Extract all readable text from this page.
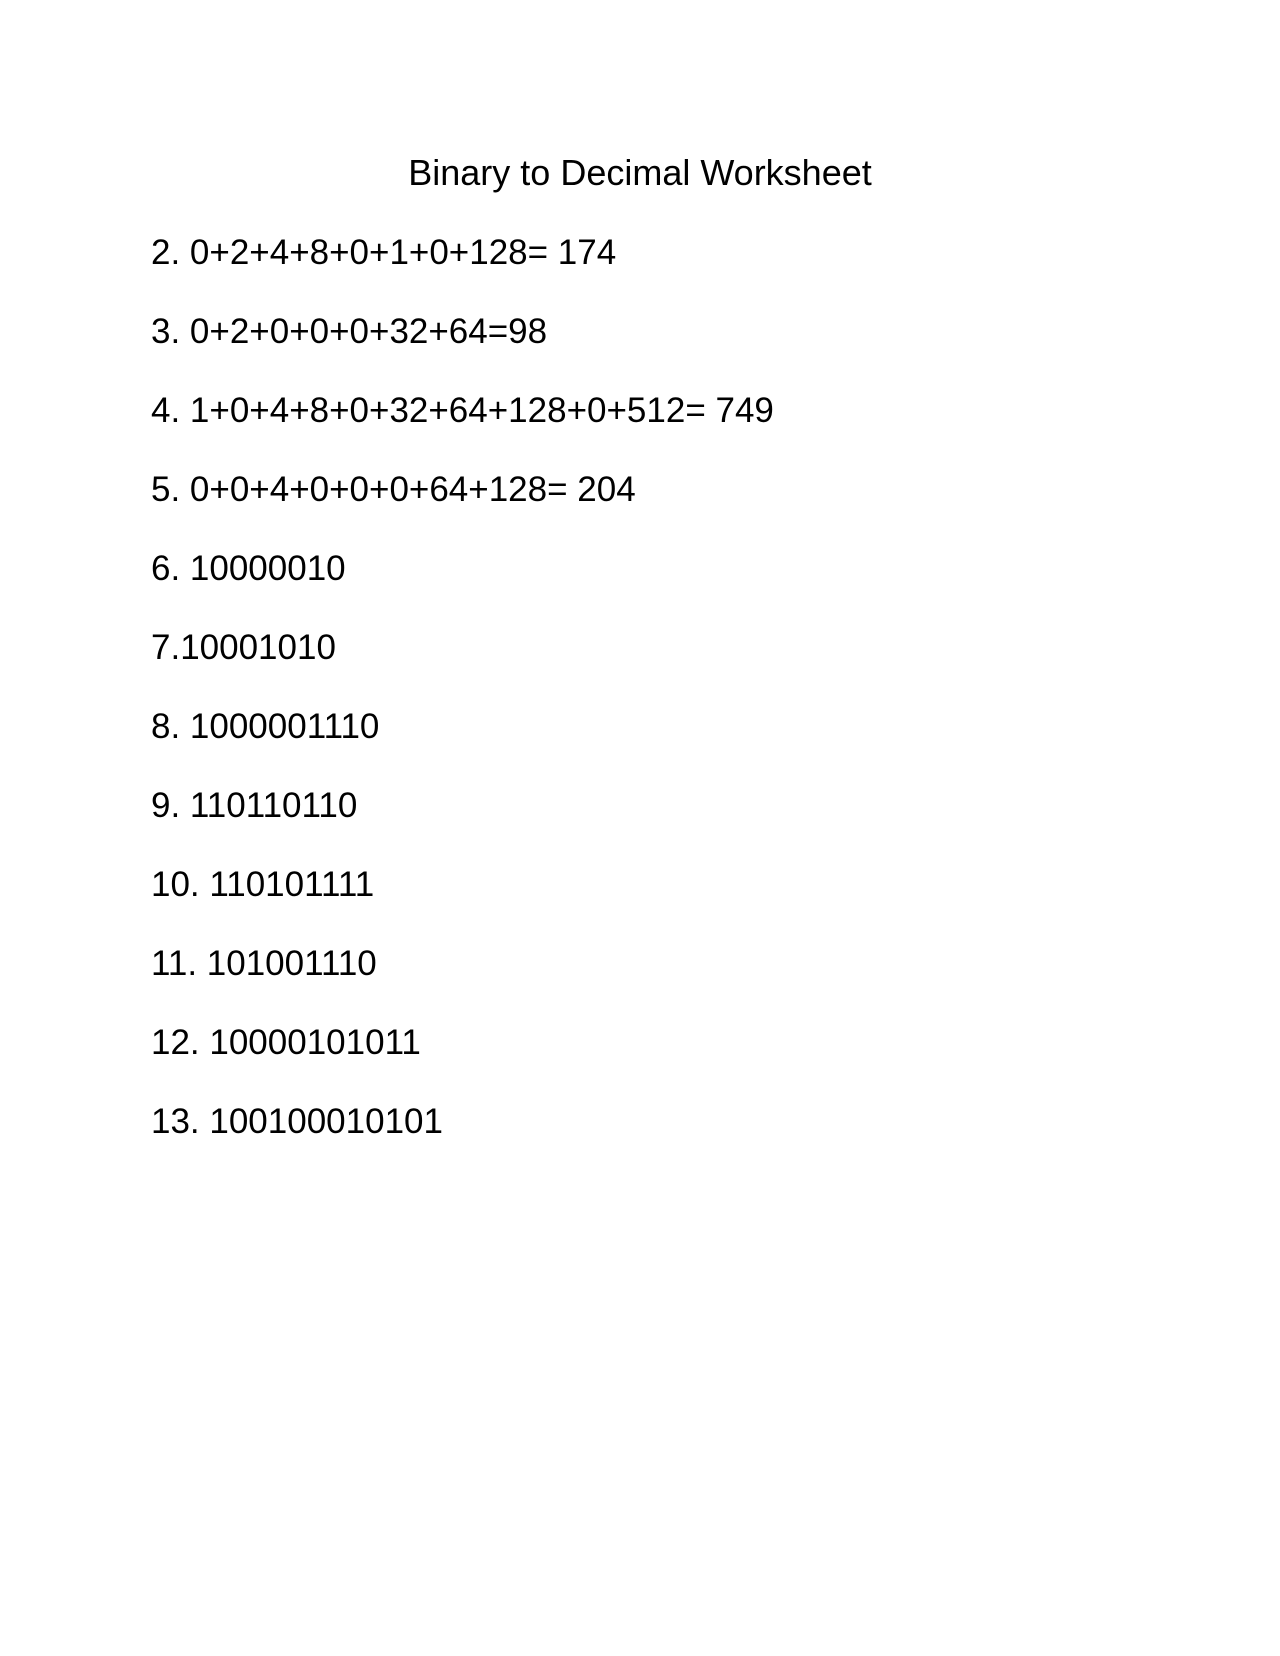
Binary to Decimal Worksheet
2. 0+2+4+8+0+1+0+128= 174
3. 0+2+0+0+0+32+64=98
4. 1+0+4+8+0+32+64+128+0+512= 749
5. 0+0+4+0+0+0+64+128= 204
6. 10000010
7.10001010
8. 1000001110
9. 110110110
10. 110101111
11. 101001110
12. 10000101011
13. 100100010101
